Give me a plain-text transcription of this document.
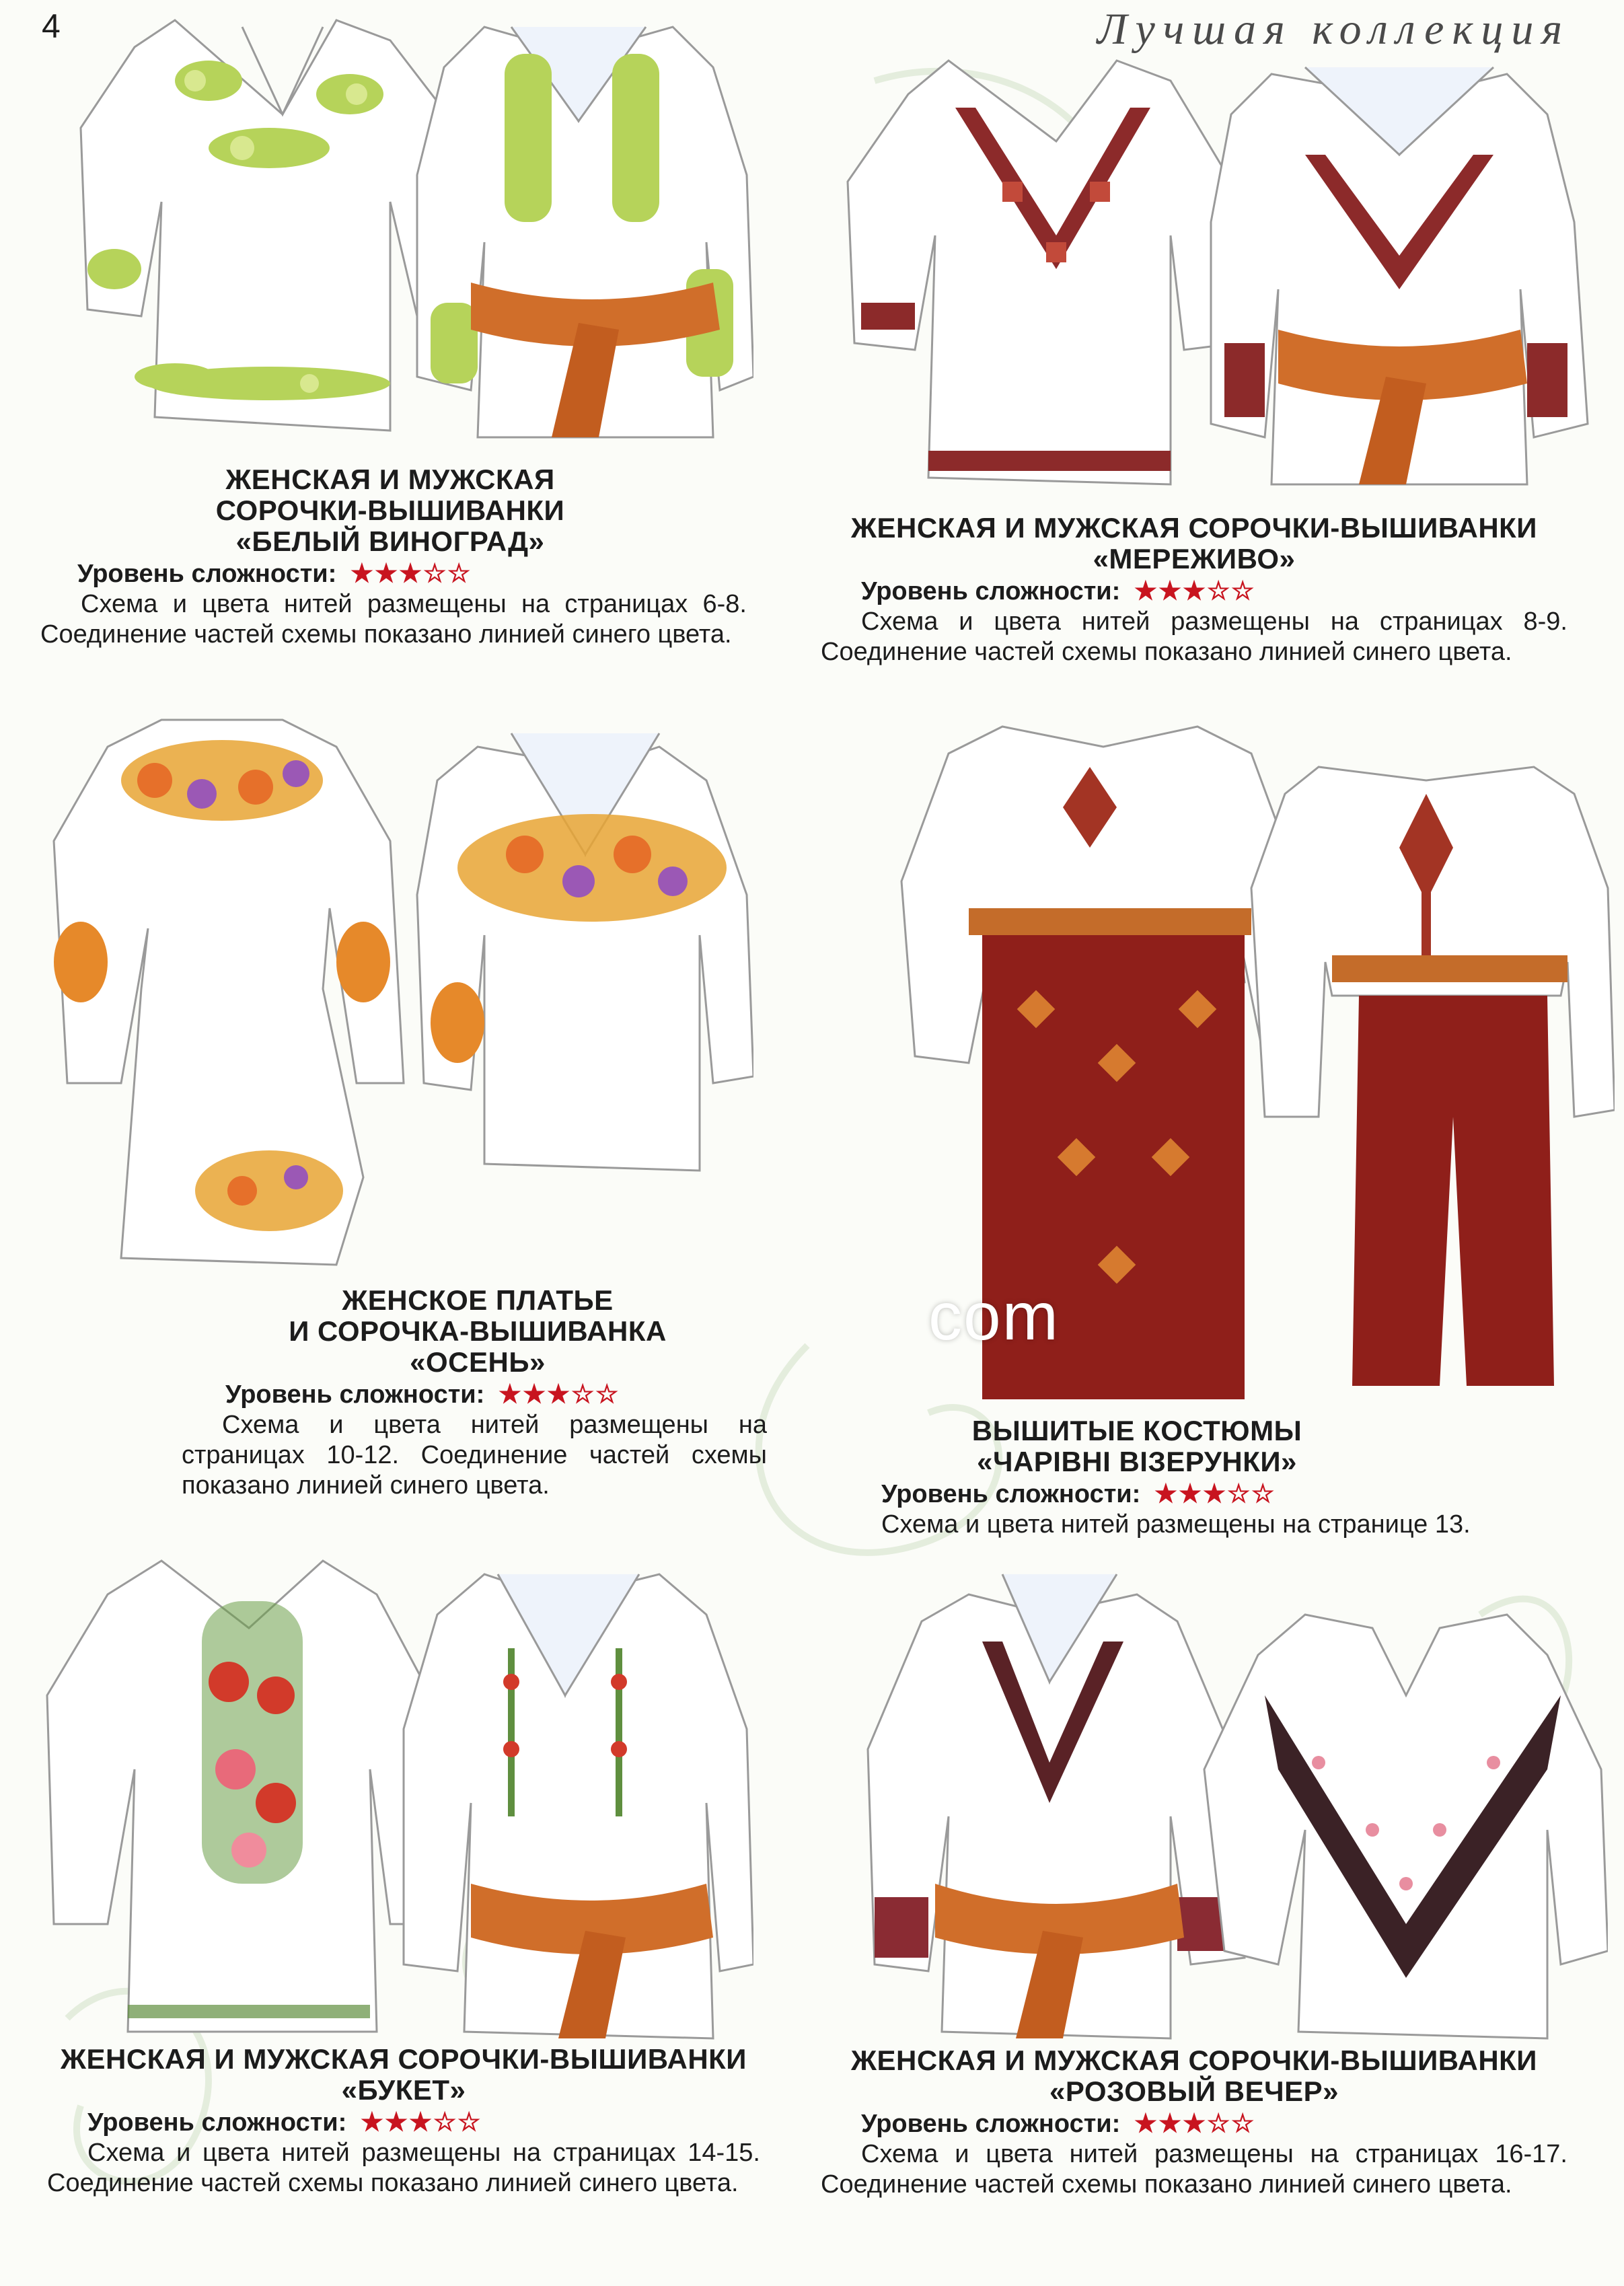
4	Лучшая коллекция
ЖЕНСКАЯ И МУЖСКАЯ
СОРОЧКИ-ВЫШИВАНКИ
«БЕЛЫЙ ВИНОГРАД»
Уровень сложности: ★★★☆☆
Схема и цвета нитей размещены на страницах 6-8. Соединение частей схемы показано линией синего цвета.
ЖЕНСКАЯ И МУЖСКАЯ СОРОЧКИ-ВЫШИВАНКИ
«МЕРЕЖИВО»
Уровень сложности: ★★★☆☆
Схема и цвета нитей размещены на страницах 8-9. Соединение частей схемы показано линией синего цвета.
ЖЕНСКОЕ ПЛАТЬЕ
И СОРОЧКА-ВЫШИВАНКА
«ОСЕНЬ»
Уровень сложности: ★★★☆☆
Схема и цвета нитей размещены на страницах 10-12. Соединение частей схемы показано линией синего цвета.
ВЫШИТЫЕ КОСТЮМЫ
«ЧАРІВНІ ВІЗЕРУНКИ»
Уровень сложности: ★★★☆☆
Схема и цвета нитей размещены на странице 13.
ЖЕНСКАЯ И МУЖСКАЯ СОРОЧКИ-ВЫШИВАНКИ
«БУКЕТ»
Уровень сложности: ★★★☆☆
Схема и цвета нитей размещены на страницах 14-15. Соединение частей схемы показано линией синего цвета.
ЖЕНСКАЯ И МУЖСКАЯ СОРОЧКИ-ВЫШИВАНКИ
«РОЗОВЫЙ ВЕЧЕР»
Уровень сложности: ★★★☆☆
Схема и цвета нитей размещены на страницах 16-17. Соединение частей схемы показано линией синего цвета.
com
